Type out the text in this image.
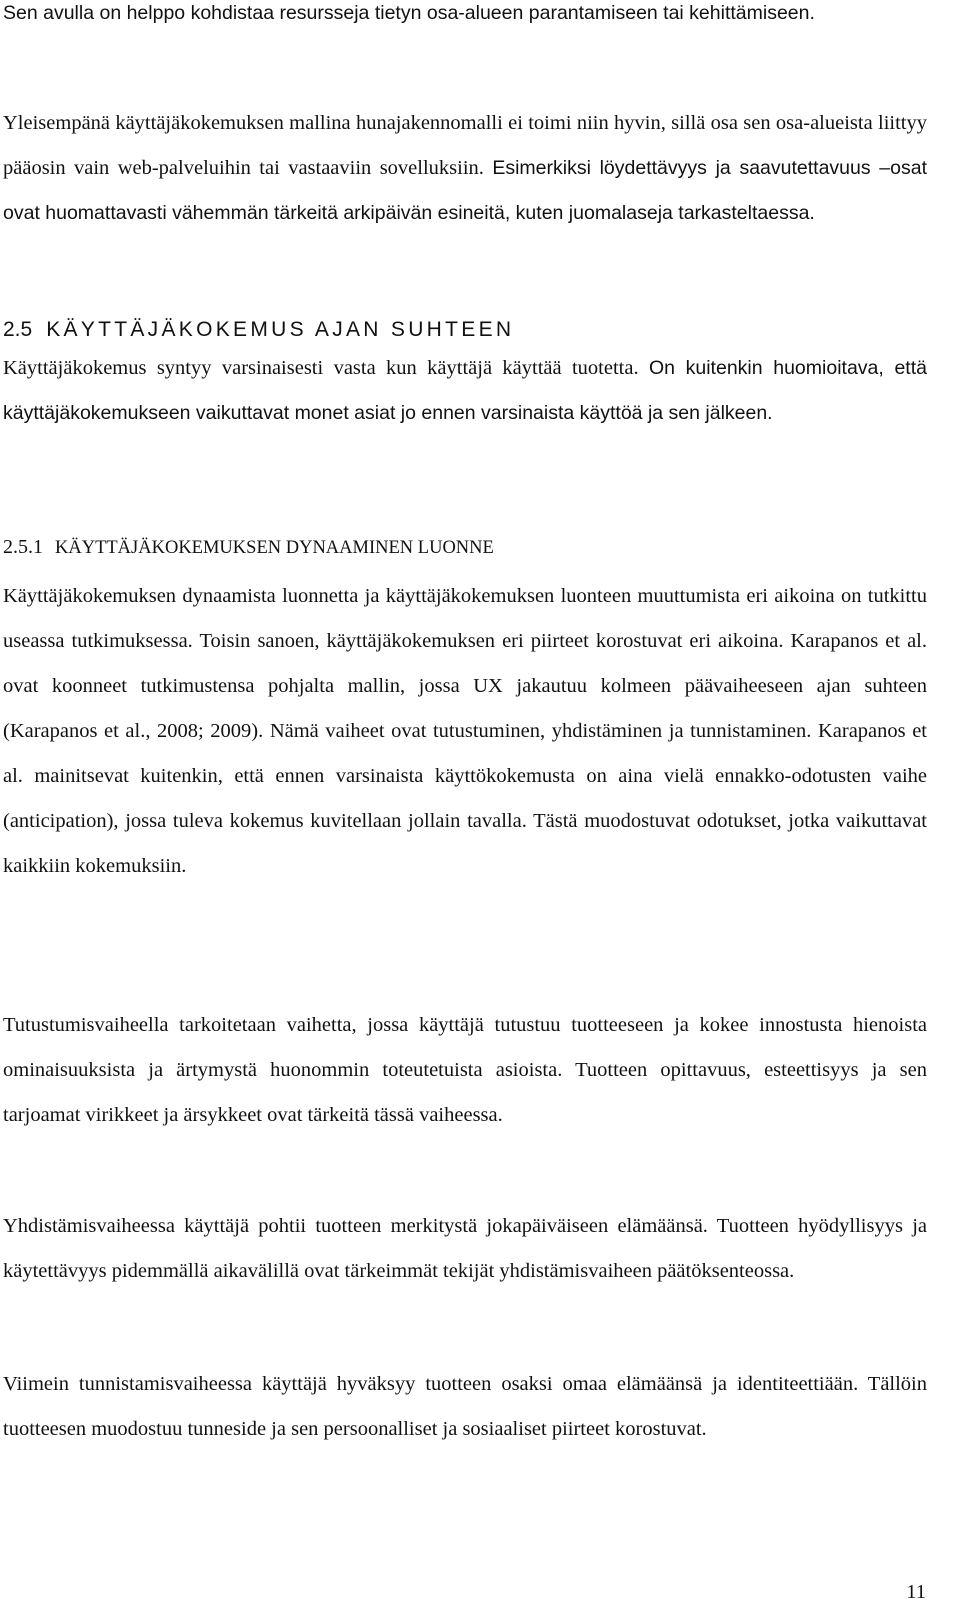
Sen avulla on helppo kohdistaa resursseja tietyn osa-alueen parantamiseen tai kehittämiseen.

Yleisempänä käyttäjäkokemuksen mallina hunajakennomalli ei toimi niin hyvin, sillä osa sen osa-alueista liittyy pääosin vain web-palveluihin tai vastaaviin sovelluksiin. Esimerkiksi löydettävyys ja saavutettavuus –osat ovat huomattavasti vähemmän tärkeitä arkipäivän esineitä, kuten juomalaseja tarkasteltaessa.

2.5 KÄYTTÄJÄKOKEMUS AJAN SUHTEEN

Käyttäjäkokemus syntyy varsinaisesti vasta kun käyttäjä käyttää tuotetta. On kuitenkin huomioitava, että käyttäjäkokemukseen vaikuttavat monet asiat jo ennen varsinaista käyttöä ja sen jälkeen.

2.5.1 KÄYTTÄJÄKOKEMUKSEN DYNAAMINEN LUONNE

Käyttäjäkokemuksen dynaamista luonnetta ja käyttäjäkokemuksen luonteen muuttumista eri aikoina on tutkittu useassa tutkimuksessa. Toisin sanoen, käyttäjäkokemuksen eri piirteet korostuvat eri aikoina. Karapanos et al. ovat koonneet tutkimustensa pohjalta mallin, jossa UX jakautuu kolmeen päävaiheeseen ajan suhteen (Karapanos et al., 2008; 2009). Nämä vaiheet ovat tutustuminen, yhdistäminen ja tunnistaminen. Karapanos et al. mainitsevat kuitenkin, että ennen varsinaista käyttökokemusta on aina vielä ennakko-odotusten vaihe (anticipation), jossa tuleva kokemus kuvitellaan jollain tavalla. Tästä muodostuvat odotukset, jotka vaikuttavat kaikkiin kokemuksiin.

Tutustumisvaiheella tarkoitetaan vaihetta, jossa käyttäjä tutustuu tuotteeseen ja kokee innostusta hienoista ominaisuuksista ja ärtymystä huonommin toteutetuista asioista. Tuotteen opittavuus, esteettisyys ja sen tarjoamat virikkeet ja ärsykkeet ovat tärkeitä tässä vaiheessa.

Yhdistämisvaiheessa käyttäjä pohtii tuotteen merkitystä jokapäiväiseen elämäänsä. Tuotteen hyödyllisyys ja käytettävyys pidemmällä aikavälillä ovat tärkeimmät tekijät yhdistämisvaiheen päätöksenteossa.

Viimein tunnistamisvaiheessa käyttäjä hyväksyy tuotteen osaksi omaa elämäänsä ja identiteettiään. Tällöin tuotteesen muodostuu tunneside ja sen persoonalliset ja sosiaaliset piirteet korostuvat.

11
